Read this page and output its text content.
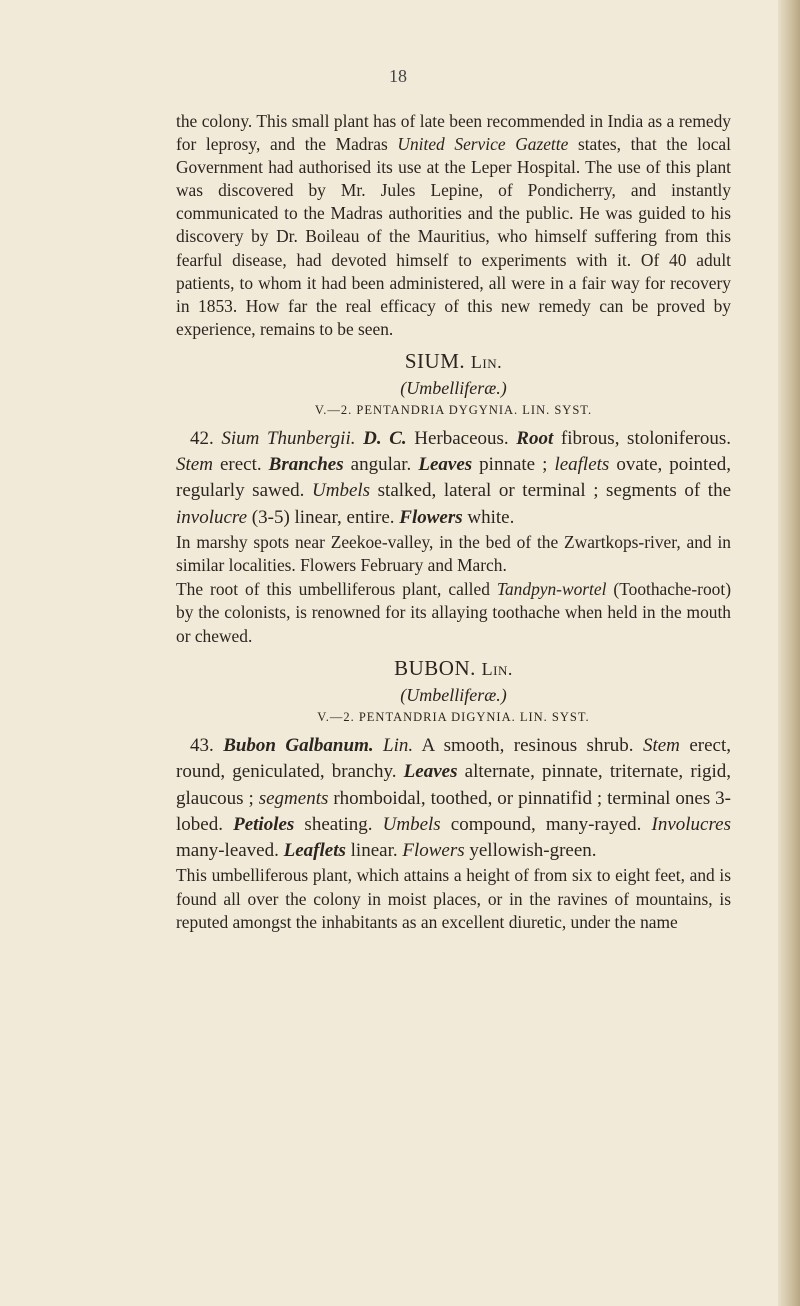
18

the colony. This small plant has of late been recommended in India as a remedy for leprosy, and the Madras United Service Gazette states, that the local Government had authorised its use at the Leper Hospital. The use of this plant was discovered by Mr. Jules Lepine, of Pondicherry, and instantly communicated to the Madras authorities and the public. He was guided to his discovery by Dr. Boileau of the Mauritius, who himself suffering from this fearful disease, had devoted himself to experiments with it. Of 40 adult patients, to whom it had been administered, all were in a fair way for recovery in 1853. How far the real efficacy of this new remedy can be proved by experience, remains to be seen.

SIUM. Lin.
(Umbelliferæ.)
V.—2. PENTANDRIA DYGYNIA. LIN. SYST.

42. Sium Thunbergii. D. C. Herbaceous. Root fibrous, stoloniferous. Stem erect. Branches angular. Leaves pinnate ; leaflets ovate, pointed, regularly sawed. Umbels stalked, lateral or terminal ; segments of the involucre (3-5) linear, entire. Flowers white.

In marshy spots near Zeekoe-valley, in the bed of the Zwartkops-river, and in similar localities. Flowers February and March.

The root of this umbelliferous plant, called Tandpyn-wortel (Toothache-root) by the colonists, is renowned for its allaying toothache when held in the mouth or chewed.

BUBON. Lin.
(Umbelliferæ.)
V.—2. PENTANDRIA DIGYNIA. LIN. SYST.

43. Bubon Galbanum. Lin. A smooth, resinous shrub. Stem erect, round, geniculated, branchy. Leaves alternate, pinnate, triternate, rigid, glaucous ; segments rhomboidal, toothed, or pinnatifid ; terminal ones 3-lobed. Petioles sheating. Umbels compound, many-rayed. Involucres many-leaved. Leaflets linear. Flowers yellowish-green.

This umbelliferous plant, which attains a height of from six to eight feet, and is found all over the colony in moist places, or in the ravines of mountains, is reputed amongst the inhabitants as an excellent diuretic, under the name
